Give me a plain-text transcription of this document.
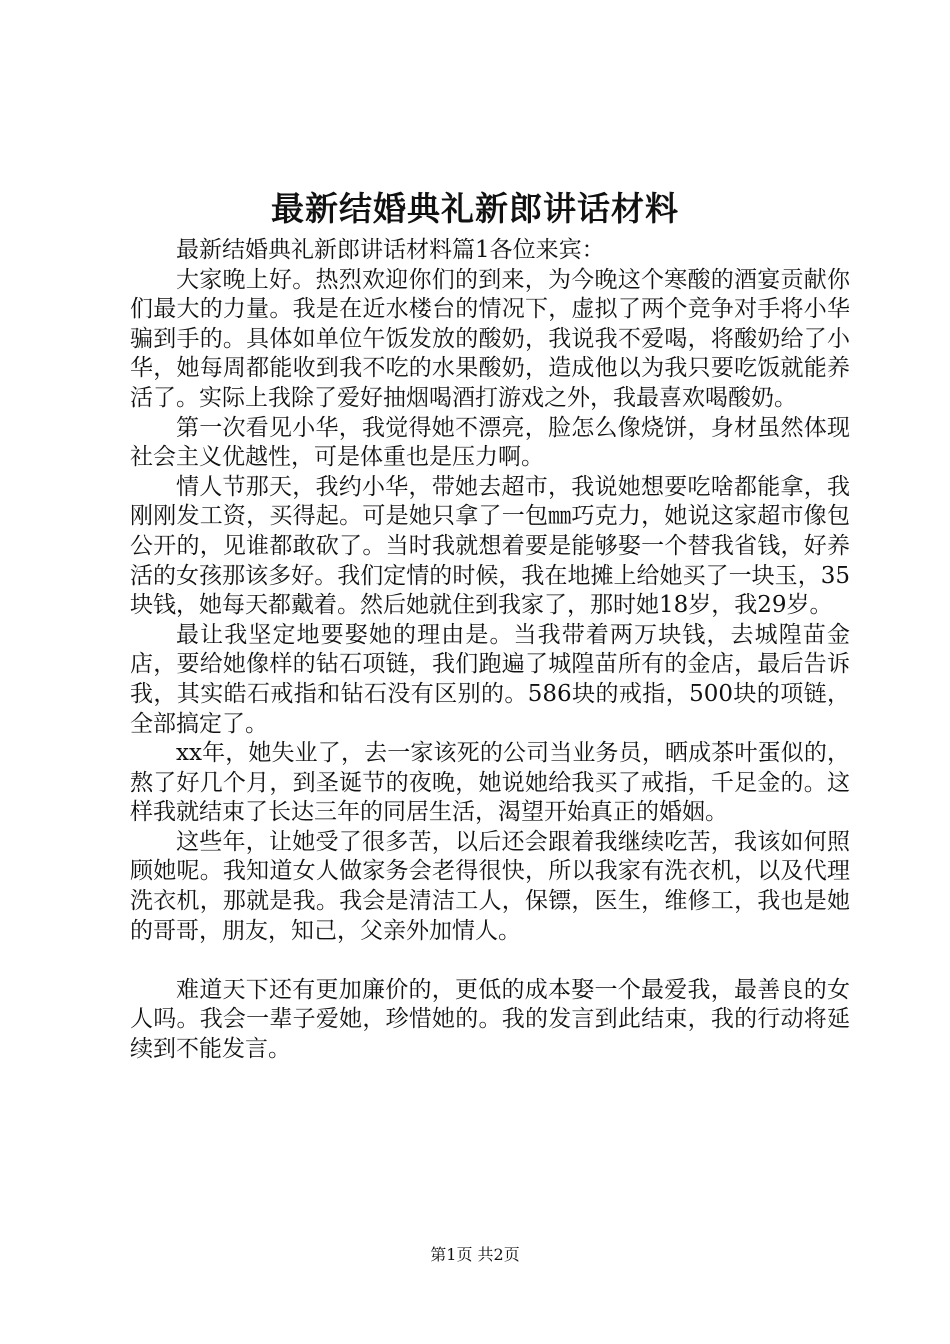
最新结婚典礼新郎讲话材料

最新结婚典礼新郎讲话材料篇1各位来宾：

大家晚上好。热烈欢迎你们的到来，为今晚这个寒酸的酒宴贡献你们最大的力量。我是在近水楼台的情况下，虚拟了两个竞争对手将小华骗到手的。具体如单位午饭发放的酸奶，我说我不爱喝，将酸奶给了小华，她每周都能收到我不吃的水果酸奶，造成他以为我只要吃饭就能养活了。实际上我除了爱好抽烟喝酒打游戏之外，我最喜欢喝酸奶。

第一次看见小华，我觉得她不漂亮，脸怎么像烧饼，身材虽然体现社会主义优越性，可是体重也是压力啊。

情人节那天，我约小华，带她去超市，我说她想要吃啥都能拿，我刚刚发工资，买得起。可是她只拿了一包㎜巧克力，她说这家超市像包公开的，见谁都敢砍了。当时我就想着要是能够娶一个替我省钱，好养活的女孩那该多好。我们定情的时候，我在地摊上给她买了一块玉，35块钱，她每天都戴着。然后她就住到我家了，那时她18岁，我29岁。

最让我坚定地要娶她的理由是。当我带着两万块钱，去城隍苗金店，要给她像样的钻石项链，我们跑遍了城隍苗所有的金店，最后告诉我，其实皓石戒指和钻石没有区别的。586块的戒指，500块的项链，全部搞定了。

xx年，她失业了，去一家该死的公司当业务员，晒成茶叶蛋似的，熬了好几个月，到圣诞节的夜晚，她说她给我买了戒指，千足金的。这样我就结束了长达三年的同居生活，渴望开始真正的婚姻。

这些年，让她受了很多苦，以后还会跟着我继续吃苦，我该如何照顾她呢。我知道女人做家务会老得很快，所以我家有洗衣机，以及代理洗衣机，那就是我。我会是清洁工人，保镖，医生，维修工，我也是她的哥哥，朋友，知己，父亲外加情人。

难道天下还有更加廉价的，更低的成本娶一个最爱我，最善良的女人吗。我会一辈子爱她，珍惜她的。我的发言到此结束，我的行动将延续到不能发言。

第1页 共2页
